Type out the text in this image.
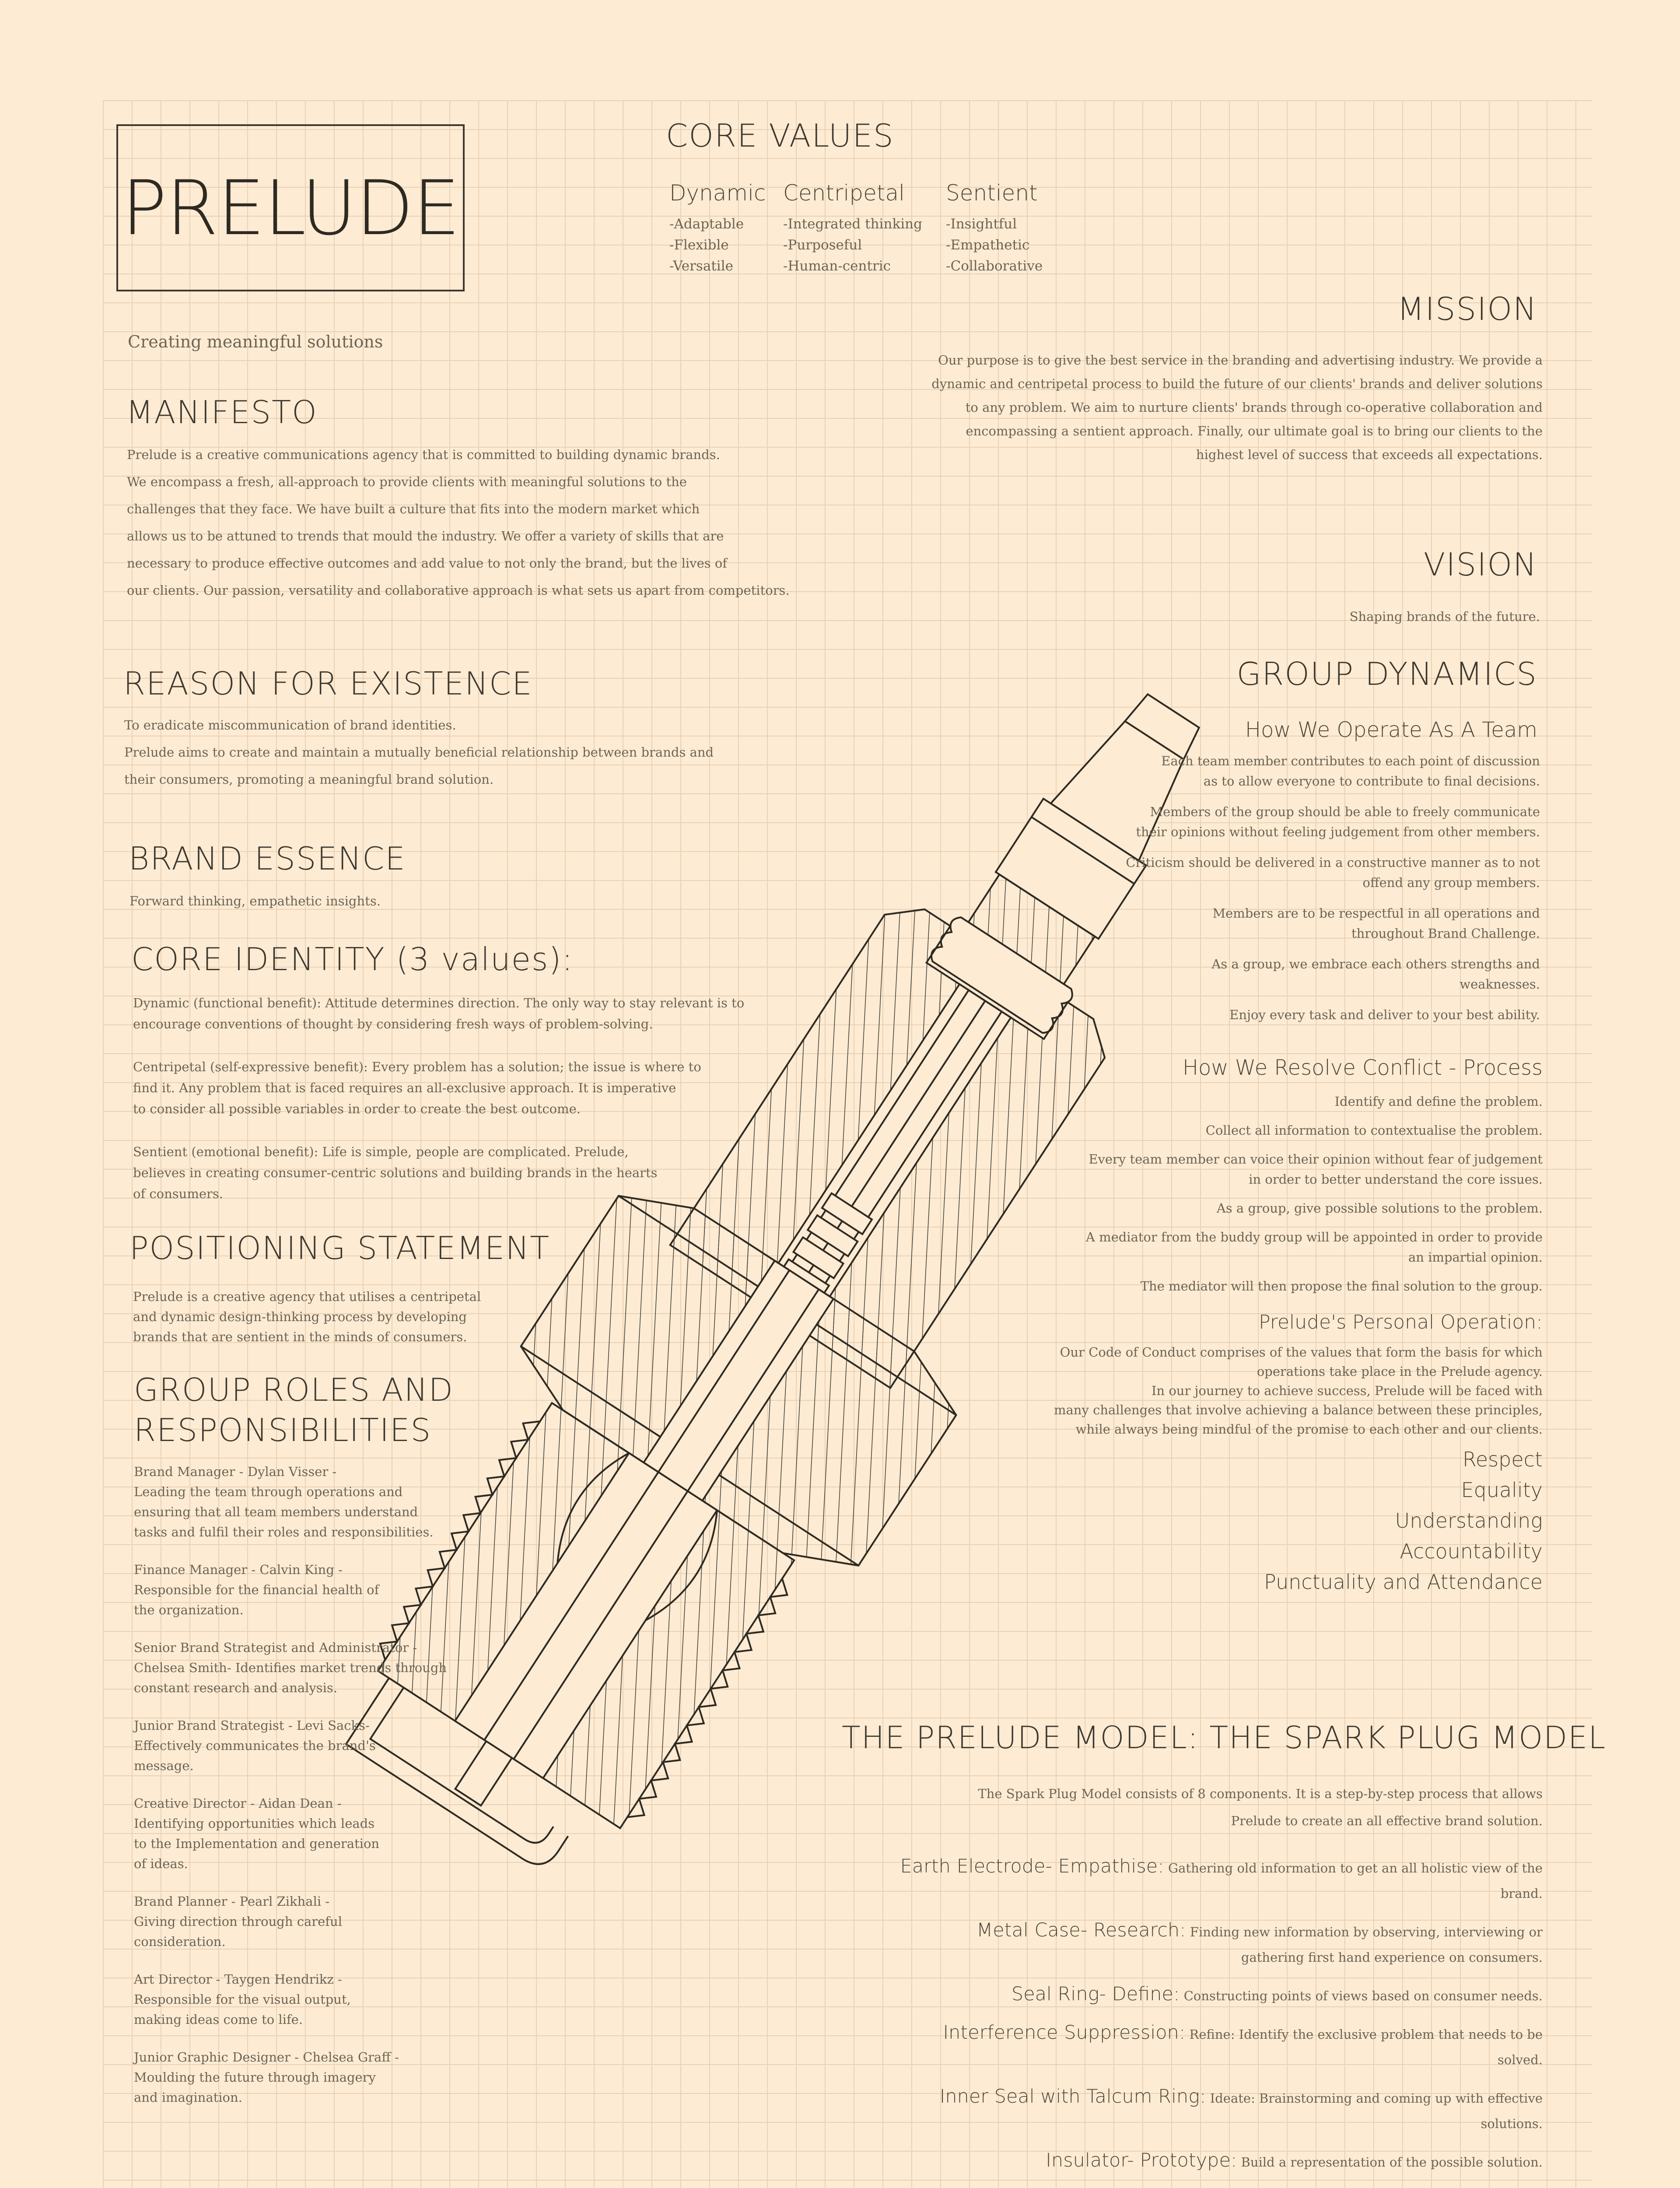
PRELUDE
Creating meaningful solutions
MANIFESTO

Prelude is a creative communications agency that is committed to building dynamic brands.

We encompass a fresh, all-approach to provide clients with meaningful solutions to the

challenges that they face. We have built a culture that fits into the modern market which

allows us to be attuned to trends that mould the industry. We offer a variety of skills that are

necessary to produce effective outcomes and add value to not only the brand, but the lives of

our clients. Our passion, versatility and collaborative approach is what sets us apart from competitors.

REASON FOR EXISTENCE

To eradicate miscommunication of brand identities.

Prelude aims to create and maintain a mutually beneficial relationship between brands and

their consumers, promoting a meaningful brand solution.

BRAND ESSENCE
Forward thinking, empathetic insights.
CORE IDENTITY (3 values):

Dynamic (functional benefit): Attitude determines direction. The only way to stay relevant is to

encourage conventions of thought by considering fresh ways of problem-solving.

Centripetal (self-expressive benefit): Every problem has a solution; the issue is where to

find it. Any problem that is faced requires an all-exclusive approach. It is imperative

to consider all possible variables in order to create the best outcome.

Sentient (emotional benefit): Life is simple, people are complicated. Prelude,

believes in creating consumer-centric solutions and building brands in the hearts

of consumers.

POSITIONING STATEMENT

Prelude is a creative agency that utilises a centripetal

and dynamic design-thinking process by developing

brands that are sentient in the minds of consumers.

GROUP ROLES AND
RESPONSIBILITIES

Brand Manager - Dylan Visser -

Leading the team through operations and

ensuring that all team members understand

tasks and fulfil their roles and responsibilities.

Finance Manager - Calvin King -

Responsible for the financial health of

the organization.

Senior Brand Strategist and Administrator -

Chelsea Smith- Identifies market trends through

constant research and analysis.

Junior Brand Strategist - Levi Sacks-

Effectively communicates the brand's

message.

Creative Director - Aidan Dean -

Identifying opportunities which leads

to the Implementation and generation

of ideas.

Brand Planner - Pearl Zikhali -

Giving direction through careful

consideration.

Art Director - Taygen Hendrikz -

Responsible for the visual output,

making ideas come to life.

Junior Graphic Designer - Chelsea Graff -

Moulding the future through imagery

and imagination.

CORE VALUES
Dynamic
-Adaptable
-Flexible
-Versatile
Centripetal
-Integrated thinking
-Purposeful
-Human-centric
Sentient
-Insightful
-Empathetic
-Collaborative
MISSION

Our purpose is to give the best service in the branding and advertising industry. We provide a

dynamic and centripetal process to build the future of our clients' brands and deliver solutions

to any problem. We aim to nurture clients' brands through co-operative collaboration and

encompassing a sentient approach. Finally, our ultimate goal is to bring our clients to the

highest level of success that exceeds all expectations.

VISION
Shaping brands of the future.
GROUP DYNAMICS
How We Operate As A Team

Each team member contributes to each point of discussion

as to allow everyone to contribute to final decisions.

Members of the group should be able to freely communicate

their opinions without feeling judgement from other members.

Criticism should be delivered in a constructive manner as to not

offend any group members.

Members are to be respectful in all operations and

throughout Brand Challenge.

As a group, we embrace each others strengths and

weaknesses.

Enjoy every task and deliver to your best ability.

How We Resolve Conflict - Process

Identify and define the problem.

Collect all information to contextualise the problem.

Every team member can voice their opinion without fear of judgement

in order to better understand the core issues.

As a group, give possible solutions to the problem.

A mediator from the buddy group will be appointed in order to provide

an impartial opinion.

The mediator will then propose the final solution to the group.

Prelude's Personal Operation:

Our Code of Conduct comprises of the values that form the basis for which

operations take place in the Prelude agency.

In our journey to achieve success, Prelude will be faced with

many challenges that involve achieving a balance between these principles,

while always being mindful of the promise to each other and our clients.

Respect
Equality
Understanding
Accountability
Punctuality and Attendance
THE PRELUDE MODEL: THE SPARK PLUG MODEL

The Spark Plug Model consists of 8 components. It is a step-by-step process that allows

Prelude to create an all effective brand solution.

Earth Electrode- Empathise: Gathering old information to get an all holistic view of the

brand.

Metal Case- Research: Finding new information by observing, interviewing or

gathering first hand experience on consumers.

Seal Ring- Define: Constructing points of views based on consumer needs.

Interference Suppression: Refine: Identify the exclusive problem that needs to be

solved.

Inner Seal with Talcum Ring: Ideate: Brainstorming and coming up with effective

solutions.

Insulator- Prototype: Build a representation of the possible solution.
